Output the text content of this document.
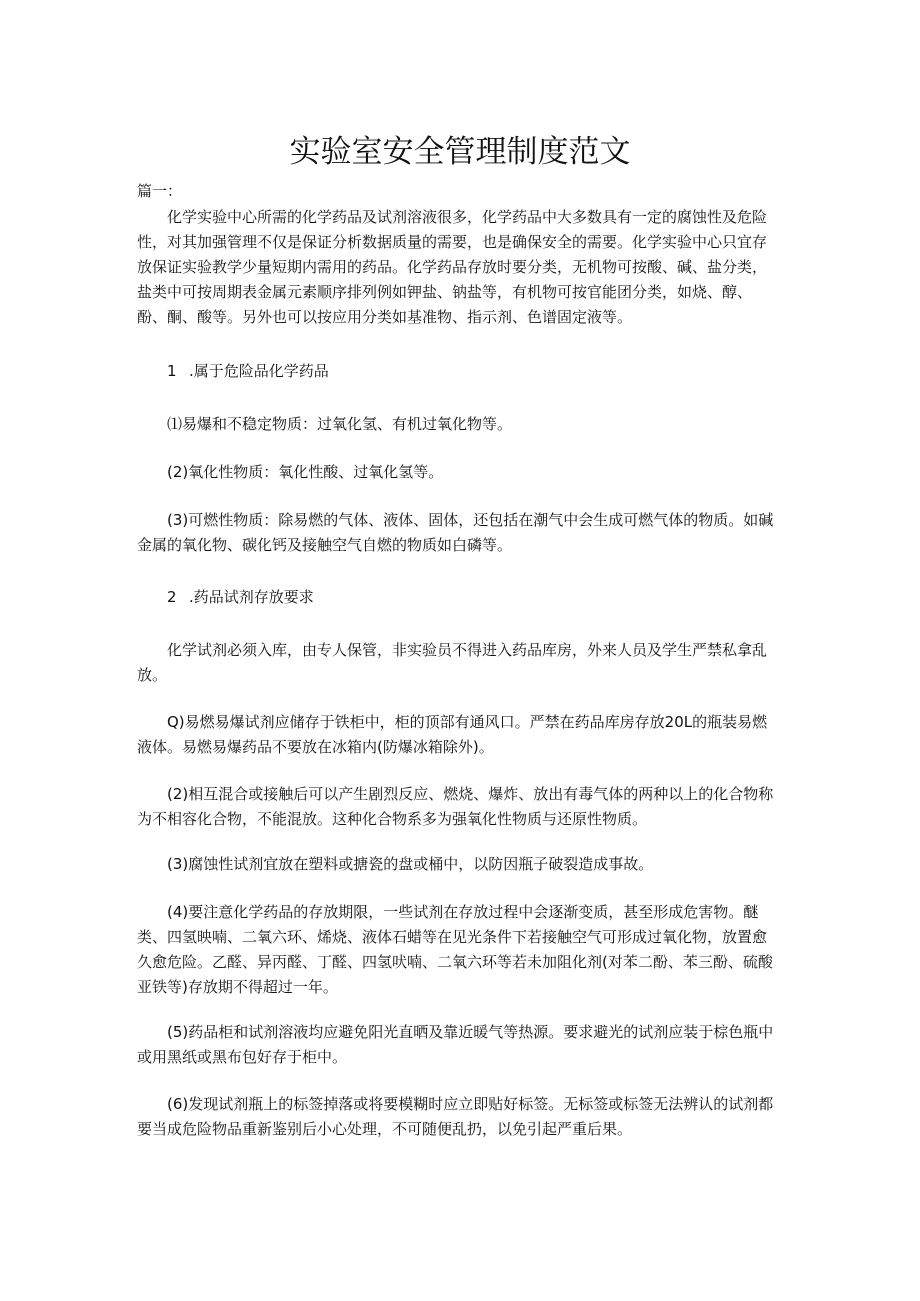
实验室安全管理制度范文
篇一：

化学实验中心所需的化学药品及试剂溶液很多，化学药品中大多数具有一定的腐蚀性及危险性，对其加强管理不仅是保证分析数据质量的需要，也是确保安全的需要。化学实验中心只宜存放保证实验教学少量短期内需用的药品。化学药品存放时要分类，无机物可按酸、碱、盐分类，盐类中可按周期表金属元素顺序排列例如钾盐、钠盐等，有机物可按官能团分类，如烧、醇、酚、酮、酸等。另外也可以按应用分类如基准物、指示剂、色谱固定液等。

1 .属于危险品化学药品

⑴易爆和不稳定物质：过氧化氢、有机过氧化物等。

(2)氧化性物质：氧化性酸、过氧化氢等。

(3)可燃性物质：除易燃的气体、液体、固体，还包括在潮气中会生成可燃气体的物质。如碱金属的氧化物、碳化钙及接触空气自燃的物质如白磷等。

2 .药品试剂存放要求

化学试剂必须入库，由专人保管，非实验员不得进入药品库房，外来人员及学生严禁私拿乱放。

Q)易燃易爆试剂应储存于铁柜中，柜的顶部有通风口。严禁在药品库房存放20L的瓶装易燃液体。易燃易爆药品不要放在冰箱内(防爆冰箱除外)。

(2)相互混合或接触后可以产生剧烈反应、燃烧、爆炸、放出有毒气体的两种以上的化合物称为不相容化合物，不能混放。这种化合物系多为强氧化性物质与还原性物质。

(3)腐蚀性试剂宜放在塑料或搪瓷的盘或桶中，以防因瓶子破裂造成事故。

(4)要注意化学药品的存放期限，一些试剂在存放过程中会逐渐变质，甚至形成危害物。醚类、四氢映喃、二氧六环、烯烧、液体石蜡等在见光条件下若接触空气可形成过氧化物，放置愈久愈危险。乙醛、异丙醛、丁醛、四氢吠喃、二氧六环等若未加阻化剂(对苯二酚、苯三酚、硫酸亚铁等)存放期不得超过一年。

(5)药品柜和试剂溶液均应避免阳光直晒及靠近暖气等热源。要求避光的试剂应装于棕色瓶中或用黑纸或黑布包好存于柜中。

(6)发现试剂瓶上的标签掉落或将要模糊时应立即贴好标签。无标签或标签无法辨认的试剂都要当成危险物品重新鉴别后小心处理，不可随便乱扔，以免引起严重后果。
